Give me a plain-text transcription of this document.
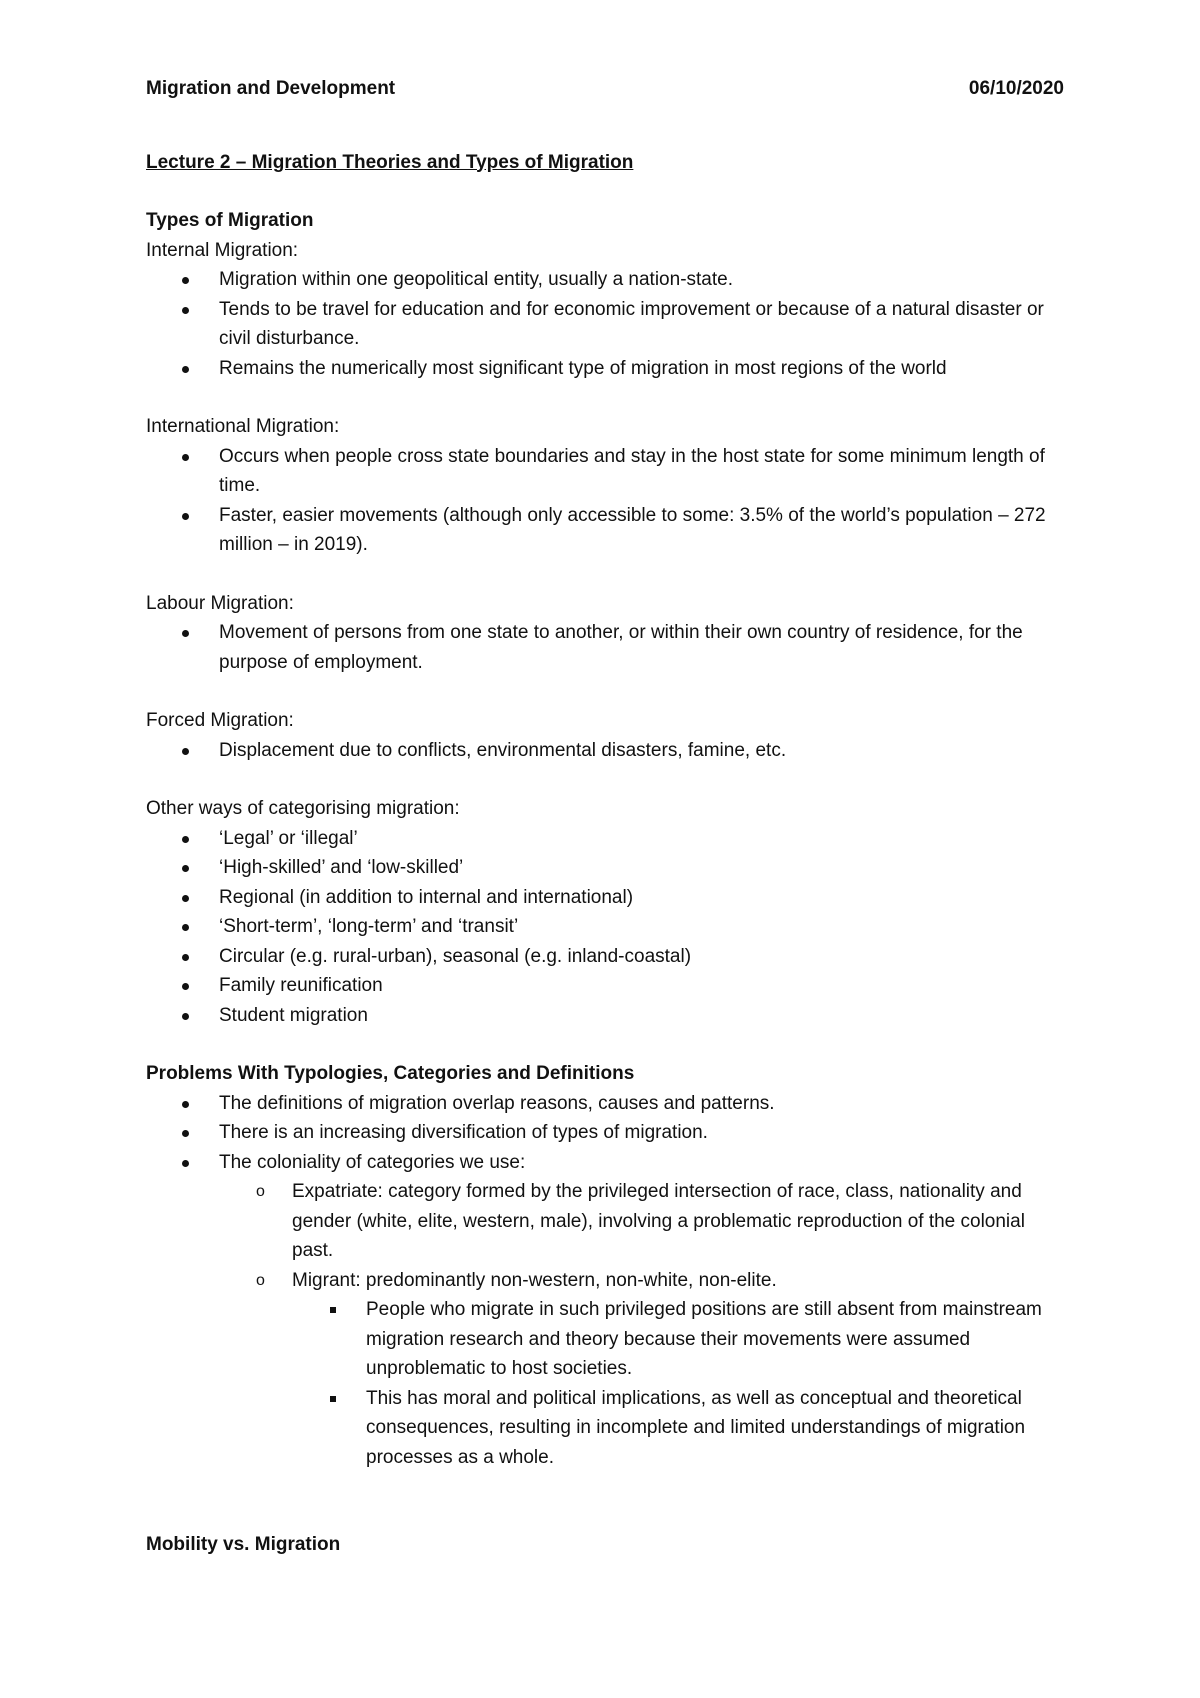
Migration and Development	06/10/2020
Lecture 2 – Migration Theories and Types of Migration
Types of Migration
Internal Migration:
Migration within one geopolitical entity, usually a nation-state.
Tends to be travel for education and for economic improvement or because of a natural disaster or civil disturbance.
Remains the numerically most significant type of migration in most regions of the world
International Migration:
Occurs when people cross state boundaries and stay in the host state for some minimum length of time.
Faster, easier movements (although only accessible to some: 3.5% of the world’s population – 272 million – in 2019).
Labour Migration:
Movement of persons from one state to another, or within their own country of residence, for the purpose of employment.
Forced Migration:
Displacement due to conflicts, environmental disasters, famine, etc.
Other ways of categorising migration:
‘Legal’ or ‘illegal’
‘High-skilled’ and ‘low-skilled’
Regional (in addition to internal and international)
‘Short-term’, ‘long-term’ and ‘transit’
Circular (e.g. rural-urban), seasonal (e.g. inland-coastal)
Family reunification
Student migration
Problems With Typologies, Categories and Definitions
The definitions of migration overlap reasons, causes and patterns.
There is an increasing diversification of types of migration.
The coloniality of categories we use:
o Expatriate: category formed by the privileged intersection of race, class, nationality and gender (white, elite, western, male), involving a problematic reproduction of the colonial past.
o Migrant: predominantly non-western, non-white, non-elite.
People who migrate in such privileged positions are still absent from mainstream migration research and theory because their movements were assumed unproblematic to host societies.
This has moral and political implications, as well as conceptual and theoretical consequences, resulting in incomplete and limited understandings of migration processes as a whole.
Mobility vs. Migration
